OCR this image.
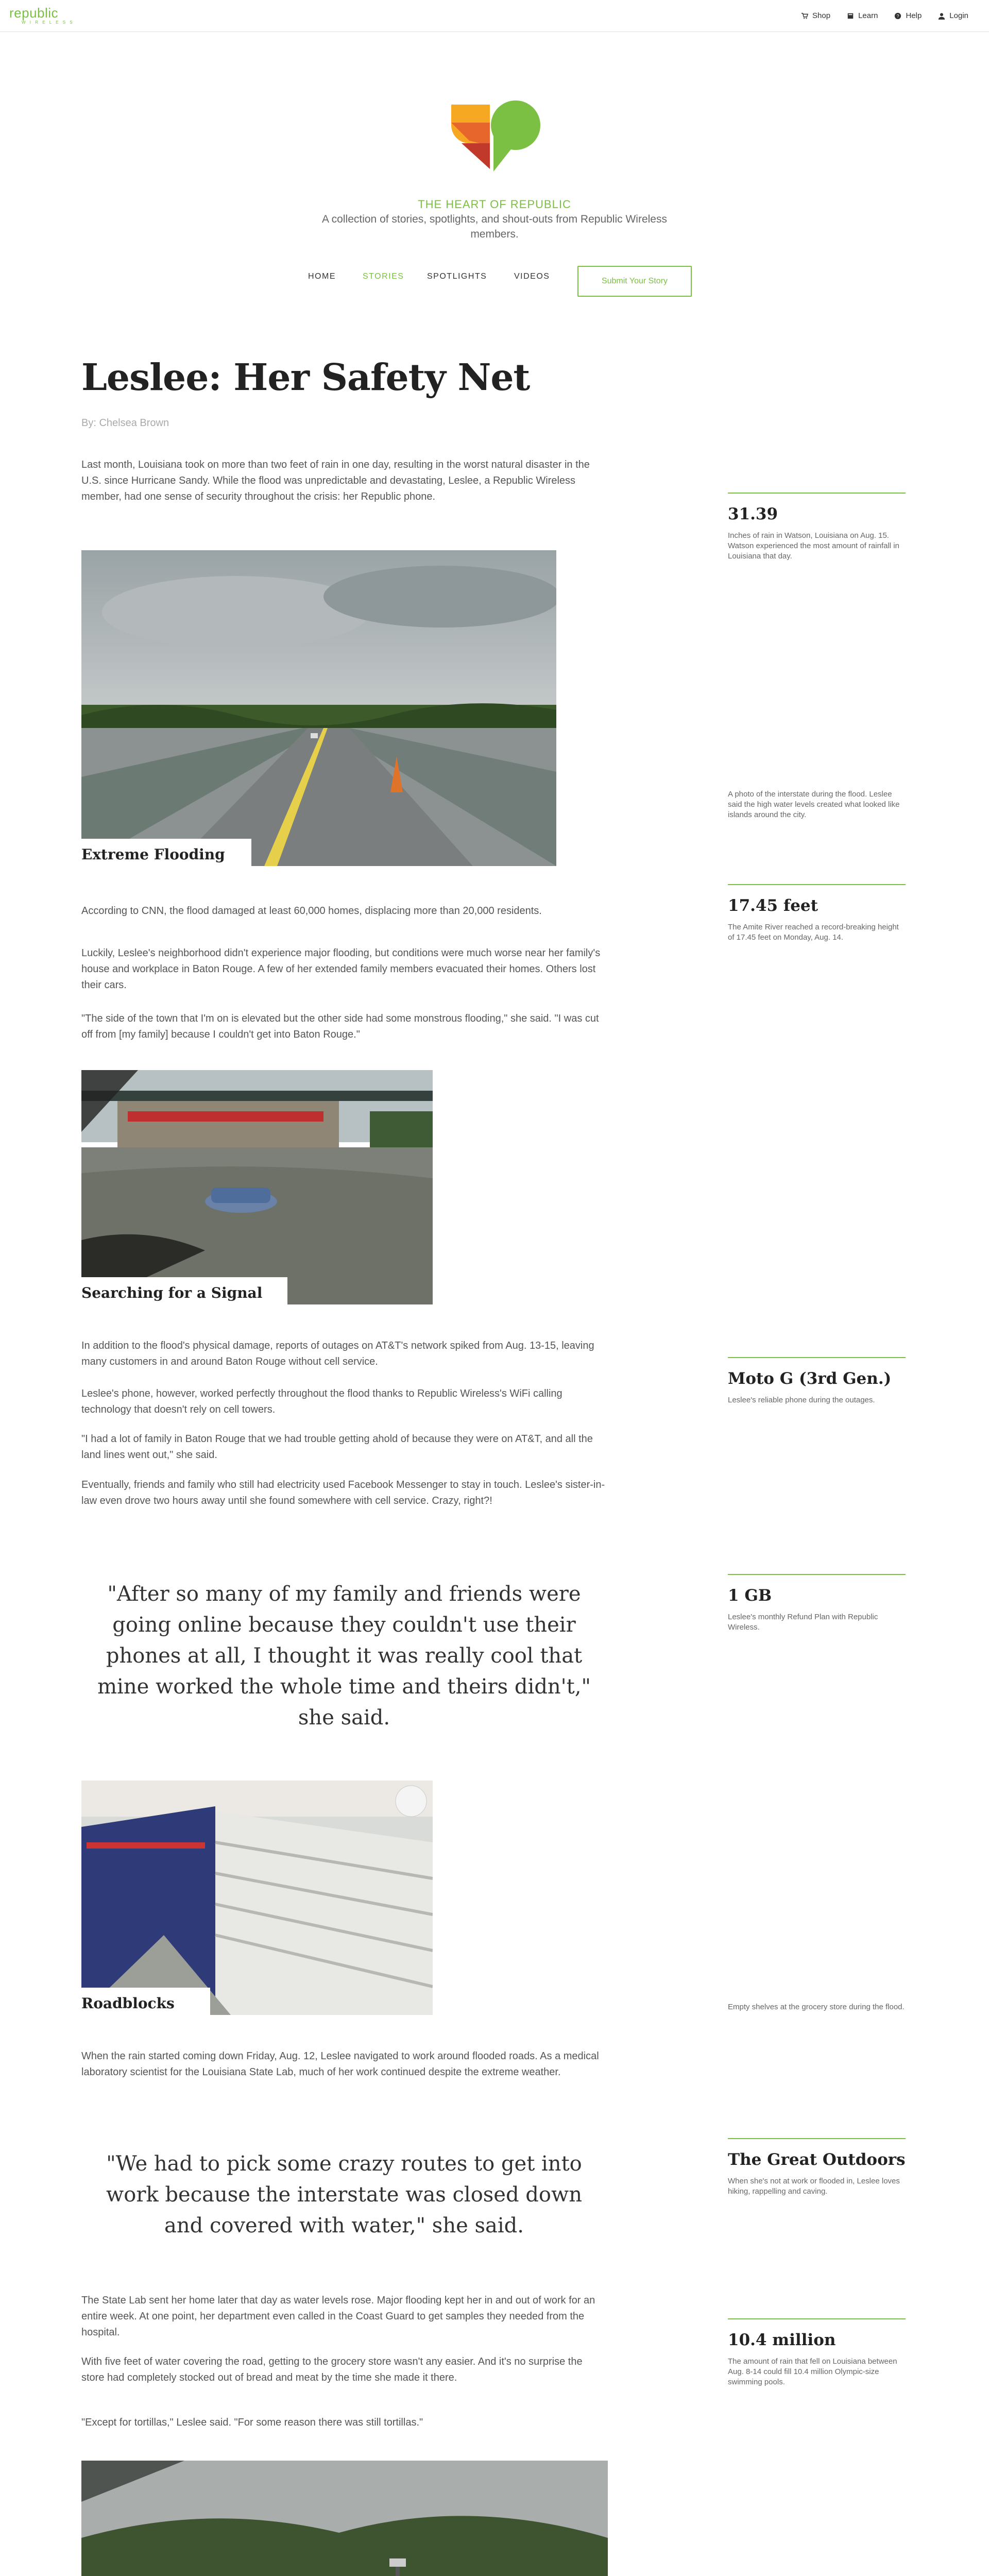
republic
W I R E L E S S
Shop	Learn	? Help	Login
THE HEART OF REPUBLIC
A collection of stories, spotlights, and shout-outs from Republic Wireless members.
HOME	STORIES	SPOTLIGHTS	VIDEOS
Submit Your Story
Leslee: Her Safety Net
By: Chelsea Brown
Last month, Louisiana took on more than two feet of rain in one day, resulting in the worst natural disaster in the U.S. since Hurricane Sandy. While the flood was unpredictable and devastating, Leslee, a Republic Wireless member, had one sense of security throughout the crisis: her Republic phone.
Extreme Flooding
According to CNN, the flood damaged at least 60,000 homes, displacing more than 20,000 residents.
Luckily, Leslee's neighborhood didn't experience major flooding, but conditions were much worse near her family's house and workplace in Baton Rouge. A few of her extended family members evacuated their homes. Others lost their cars.
"The side of the town that I'm on is elevated but the other side had some monstrous flooding," she said. "I was cut off from [my family] because I couldn't get into Baton Rouge."
Searching for a Signal
In addition to the flood's physical damage, reports of outages on AT&T's network spiked from Aug. 13-15, leaving many customers in and around Baton Rouge without cell service.
Leslee's phone, however, worked perfectly throughout the flood thanks to Republic Wireless's WiFi calling technology that doesn't rely on cell towers.
"I had a lot of family in Baton Rouge that we had trouble getting ahold of because they were on AT&T, and all the land lines went out," she said.
Eventually, friends and family who still had electricity used Facebook Messenger to stay in touch. Leslee's sister-in-law even drove two hours away until she found somewhere with cell service. Crazy, right?!
"After so many of my family and friends were going online because they couldn't use their phones at all, I thought it was really cool that mine worked the whole time and theirs didn't," she said.
Roadblocks
When the rain started coming down Friday, Aug. 12, Leslee navigated to work around flooded roads. As a medical laboratory scientist for the Louisiana State Lab, much of her work continued despite the extreme weather.
"We had to pick some crazy routes to get into work because the interstate was closed down and covered with water," she said.
The State Lab sent her home later that day as water levels rose. Major flooding kept her in and out of work for an entire week. At one point, her department even called in the Coast Guard to get samples they needed from the hospital.
With five feet of water covering the road, getting to the grocery store wasn't any easier. And it's no surprise the store had completely stocked out of bread and meat by the time she made it there.
"Except for tortillas," Leslee said. "For some reason there was still tortillas."
31.39
Inches of rain in Watson, Louisiana on Aug. 15. Watson experienced the most amount of rainfall in Louisiana that day.
A photo of the interstate during the flood. Leslee said the high water levels created what looked like islands around the city.
17.45 feet
The Amite River reached a record-breaking height of 17.45 feet on Monday, Aug. 14.
Moto G (3rd Gen.)
Leslee's reliable phone during the outages.
1 GB
Leslee's monthly Refund Plan with Republic Wireless.
Empty shelves at the grocery store during the flood.
The Great Outdoors
When she's not at work or flooded in, Leslee loves hiking, rappelling and caving.
10.4 million
The amount of rain that fell on Louisiana between Aug. 8-14 could fill 10.4 million Olympic-size swimming pools.
